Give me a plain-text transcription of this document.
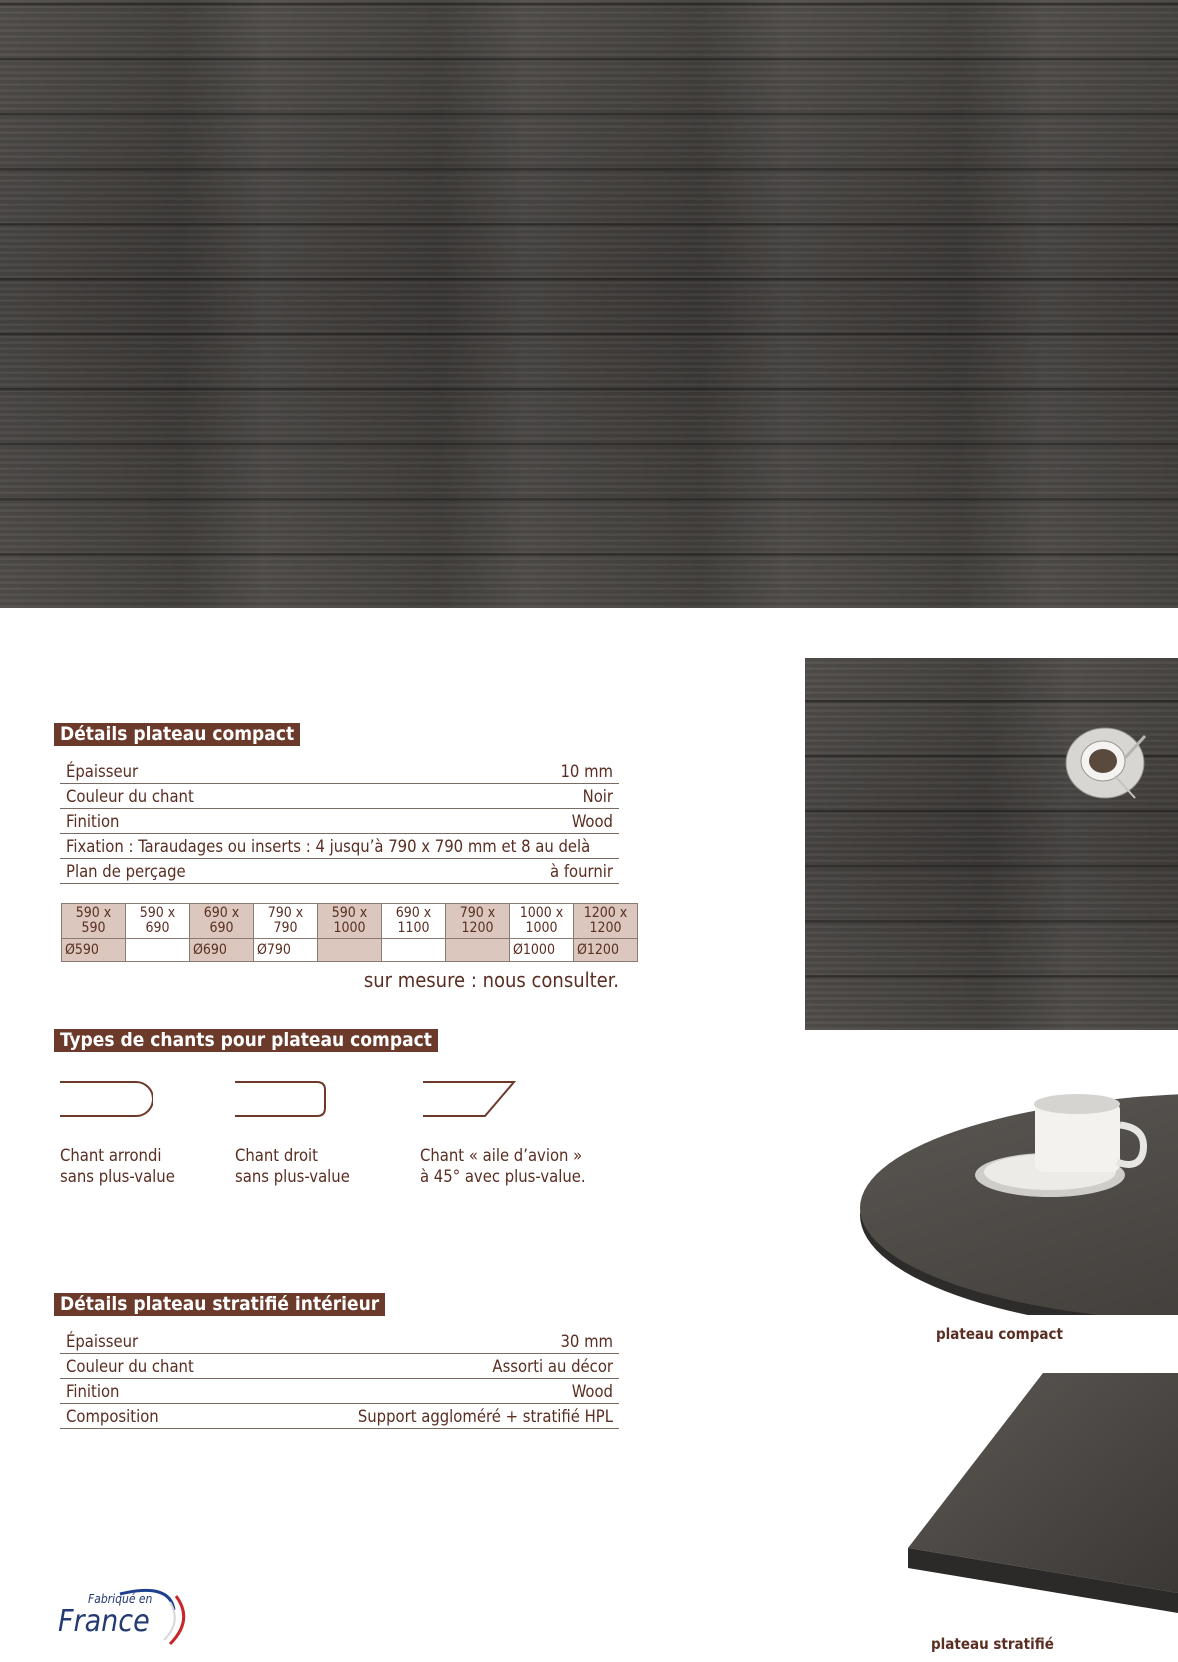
Détails plateau compact
Épaisseur	10 mm
Couleur du chant	Noir
Finition	Wood
Fixation : Taraudages ou inserts : 4 jusqu’à 790 x 790 mm et 8 au delà	
Plan de perçage	à fournir
590 x 590	590 x 690	690 x 690	790 x 790	590 x 1000	690 x 1100	790 x 1200	1000 x 1000	1200 x 1200
Ø590		Ø690	Ø790				Ø1000	Ø1200
sur mesure : nous consulter.
Types de chants pour plateau compact
Chant arrondi
sans plus-value
Chant droit
sans plus-value
Chant « aile d’avion »
à 45° avec plus-value.
Détails plateau stratifié intérieur
Épaisseur	30 mm
Couleur du chant	Assorti au décor
Finition	Wood
Composition	Support aggloméré + stratifié HPL
plateau compact
plateau stratifié
Fabriqué en
France
